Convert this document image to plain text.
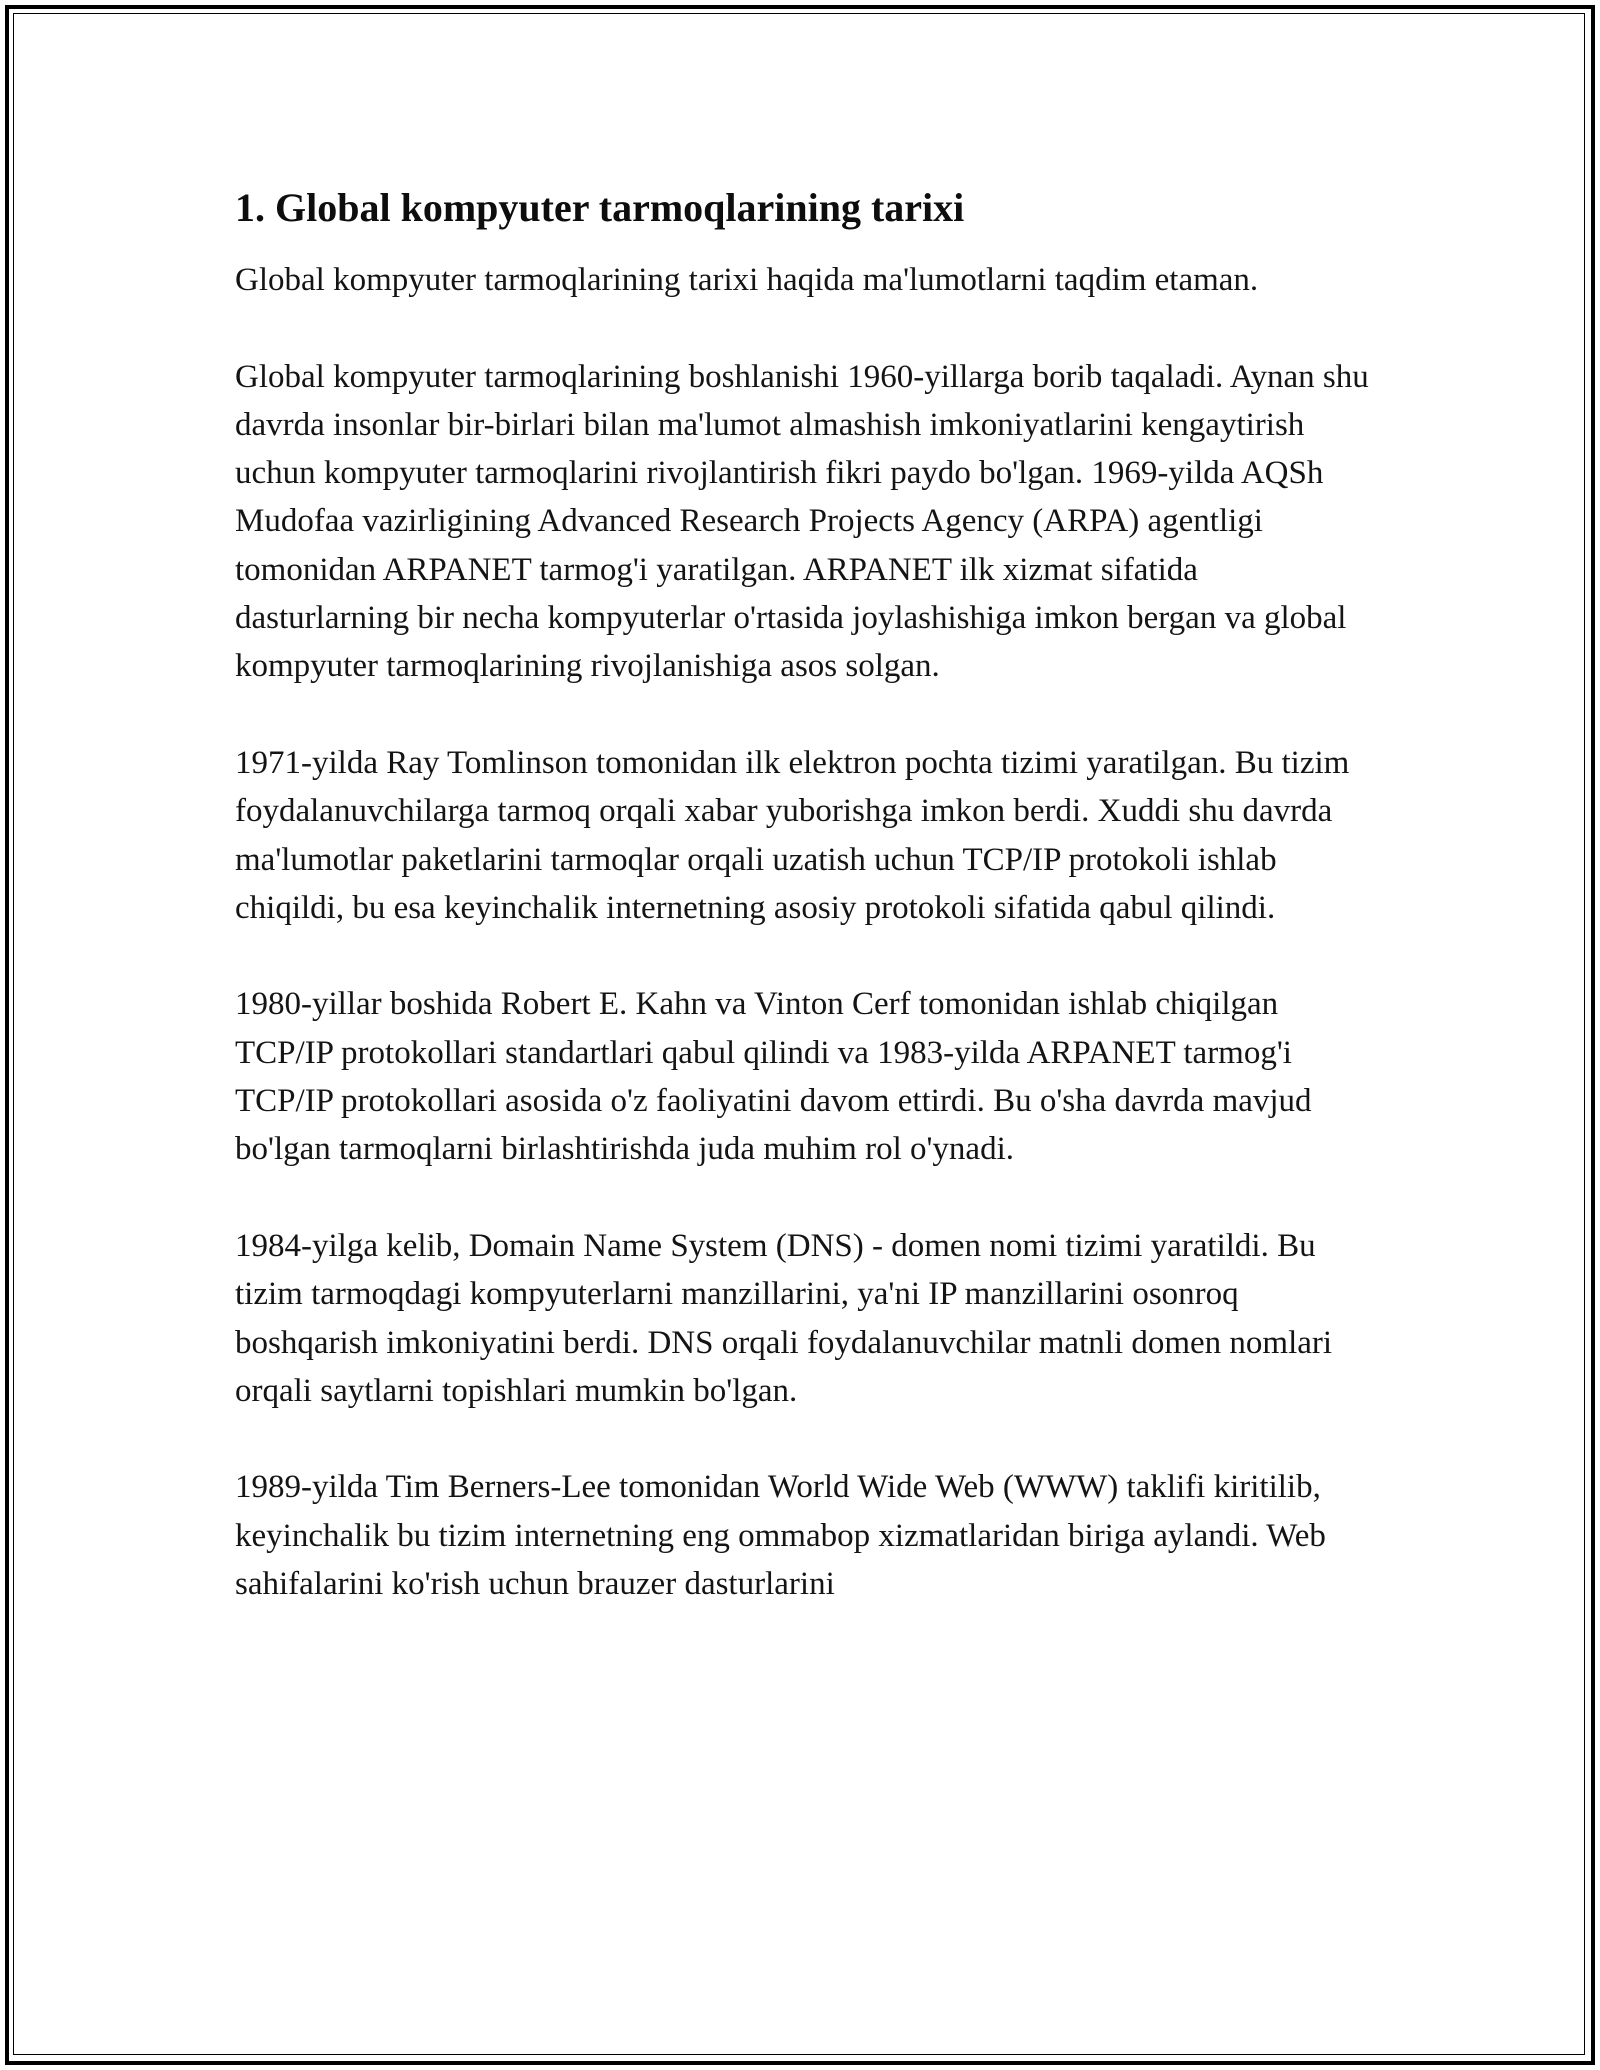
1. Global kompyuter tarmoqlarining tarixi

Global kompyuter tarmoqlarining tarixi haqida ma'lumotlarni taqdim etaman.

Global kompyuter tarmoqlarining boshlanishi 1960-yillarga borib taqaladi. Aynan shu davrda insonlar bir-birlari bilan ma'lumot almashish imkoniyatlarini kengaytirish uchun kompyuter tarmoqlarini rivojlantirish fikri paydo bo'lgan. 1969-yilda AQSh Mudofaa vazirligining Advanced Research Projects Agency (ARPA) agentligi tomonidan ARPANET tarmog'i yaratilgan. ARPANET ilk xizmat sifatida dasturlarning bir necha kompyuterlar o'rtasida joylashishiga imkon bergan va global kompyuter tarmoqlarining rivojlanishiga asos solgan.

1971-yilda Ray Tomlinson tomonidan ilk elektron pochta tizimi yaratilgan. Bu tizim foydalanuvchilarga tarmoq orqali xabar yuborishga imkon berdi. Xuddi shu davrda ma'lumotlar paketlarini tarmoqlar orqali uzatish uchun TCP/IP protokoli ishlab chiqildi, bu esa keyinchalik internetning asosiy protokoli sifatida qabul qilindi.

1980-yillar boshida Robert E. Kahn va Vinton Cerf tomonidan ishlab chiqilgan TCP/IP protokollari standartlari qabul qilindi va 1983-yilda ARPANET tarmog'i TCP/IP protokollari asosida o'z faoliyatini davom ettirdi. Bu o'sha davrda mavjud bo'lgan tarmoqlarni birlashtirishda juda muhim rol o'ynadi.

1984-yilga kelib, Domain Name System (DNS) - domen nomi tizimi yaratildi. Bu tizim tarmoqdagi kompyuterlarni manzillarini, ya'ni IP manzillarini osonroq boshqarish imkoniyatini berdi. DNS orqali foydalanuvchilar matnli domen nomlari orqali saytlarni topishlari mumkin bo'lgan.

1989-yilda Tim Berners-Lee tomonidan World Wide Web (WWW) taklifi kiritilib, keyinchalik bu tizim internetning eng ommabop xizmatlaridan biriga aylandi. Web sahifalarini ko'rish uchun brauzer dasturlarini
